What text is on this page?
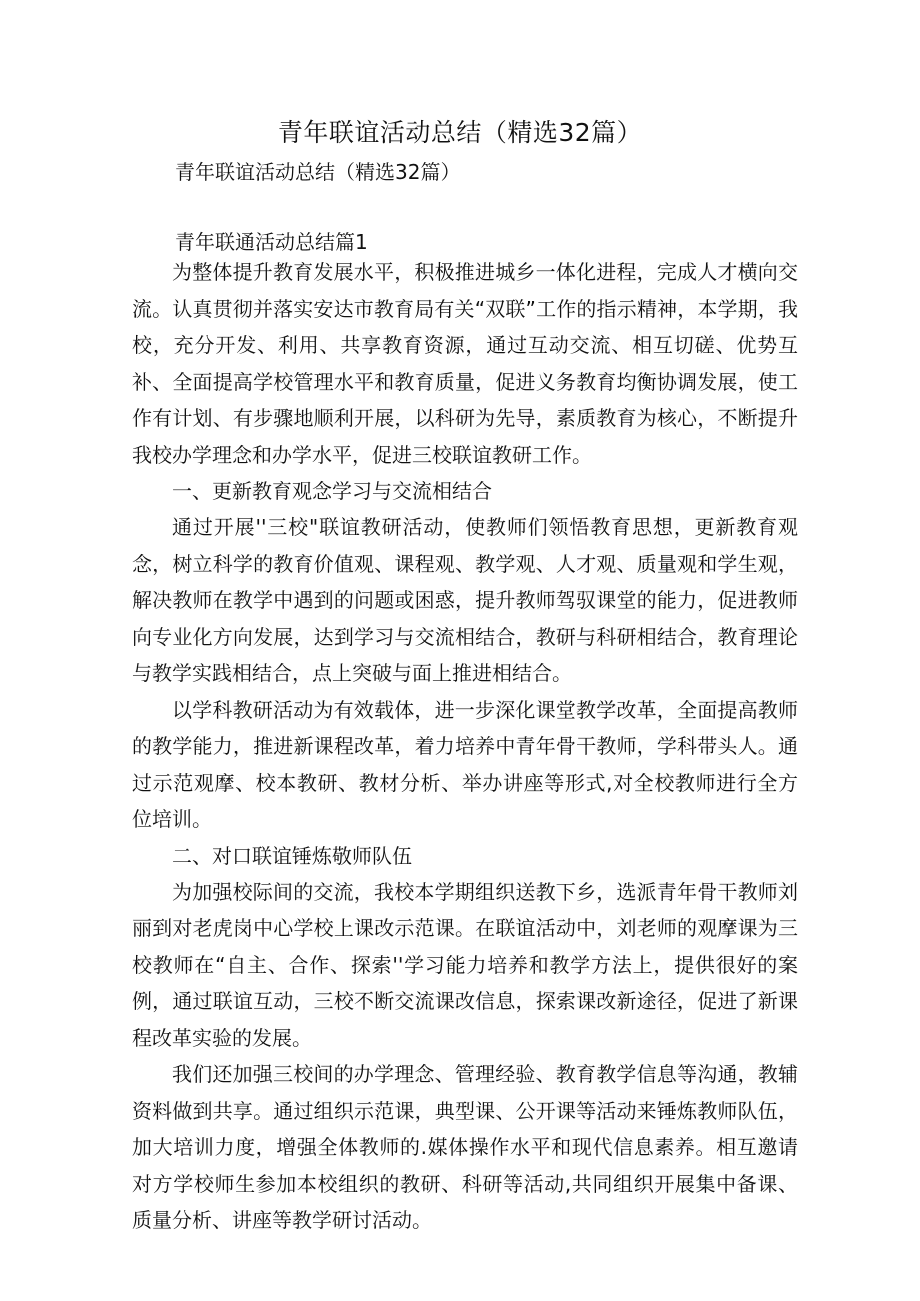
青年联谊活动总结（精选32篇）
青年联谊活动总结（精选32篇）
青年联通活动总结篇1

为整体提升教育发展水平，积极推进城乡一体化进程，完成人才横向交流。认真贯彻并落实安达市教育局有关“双联”工作的指示精神，本学期，我校，充分开发、利用、共享教育资源，通过互动交流、相互切磋、优势互补、全面提高学校管理水平和教育质量，促进义务教育均衡协调发展，使工作有计划、有步骤地顺利开展，以科研为先导，素质教育为核心，不断提升我校办学理念和办学水平，促进三校联谊教研工作。

一、更新教育观念学习与交流相结合

通过开展''三校"联谊教研活动，使教师们领悟教育思想，更新教育观念，树立科学的教育价值观、课程观、教学观、人才观、质量观和学生观，解决教师在教学中遇到的问题或困惑，提升教师驾驭课堂的能力，促进教师向专业化方向发展，达到学习与交流相结合，教研与科研相结合，教育理论与教学实践相结合，点上突破与面上推进相结合。

以学科教研活动为有效载体，进一步深化课堂教学改革，全面提高教师的教学能力，推进新课程改革，着力培养中青年骨干教师，学科带头人。通过示范观摩、校本教研、教材分析、举办讲座等形式,对全校教师进行全方位培训。

二、对口联谊锤炼敬师队伍

为加强校际间的交流，我校本学期组织送教下乡，选派青年骨干教师刘丽到对老虎岗中心学校上课改示范课。在联谊活动中，刘老师的观摩课为三校教师在“自主、合作、探索''学习能力培养和教学方法上，提供很好的案例，通过联谊互动，三校不断交流课改信息，探索课改新途径，促进了新课程改革实验的发展。

我们还加强三校间的办学理念、管理经验、教育教学信息等沟通，教辅资料做到共享。通过组织示范课，典型课、公开课等活动来锤炼教师队伍，加大培训力度，增强全体教师的.媒体操作水平和现代信息素养。相互邀请对方学校师生参加本校组织的教研、科研等活动,共同组织开展集中备课、质量分析、讲座等教学研讨活动。
